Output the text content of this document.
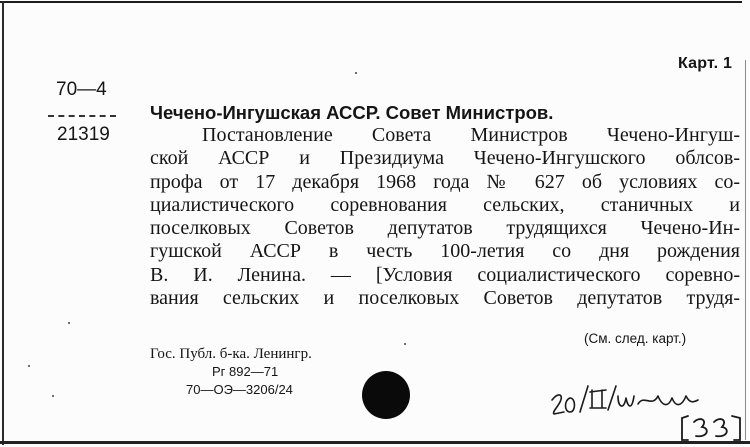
Карт. 1
70—4
21319
Чечено-Ингушская АССР. Совет Министров.
Постановление Совета Министров Чечено-Ингуш-
ской АССР и Президиума Чечено-Ингушского облсов-
профа от 17 декабря 1968 года № 627 об условиях со-
циалистического соревнования сельских, станичных и
поселковых Советов депутатов трудящихся Чечено-Ин-
гушской АССР в честь 100-летия со дня рождения
В. И. Ленина. — [Условия социалистического соревно-
вания сельских и поселковых Советов депутатов трудя-
(См. след. карт.)
Гос. Публ. б-ка. Ленингр.
Рг 892—71
70—ОЭ—3206/24
